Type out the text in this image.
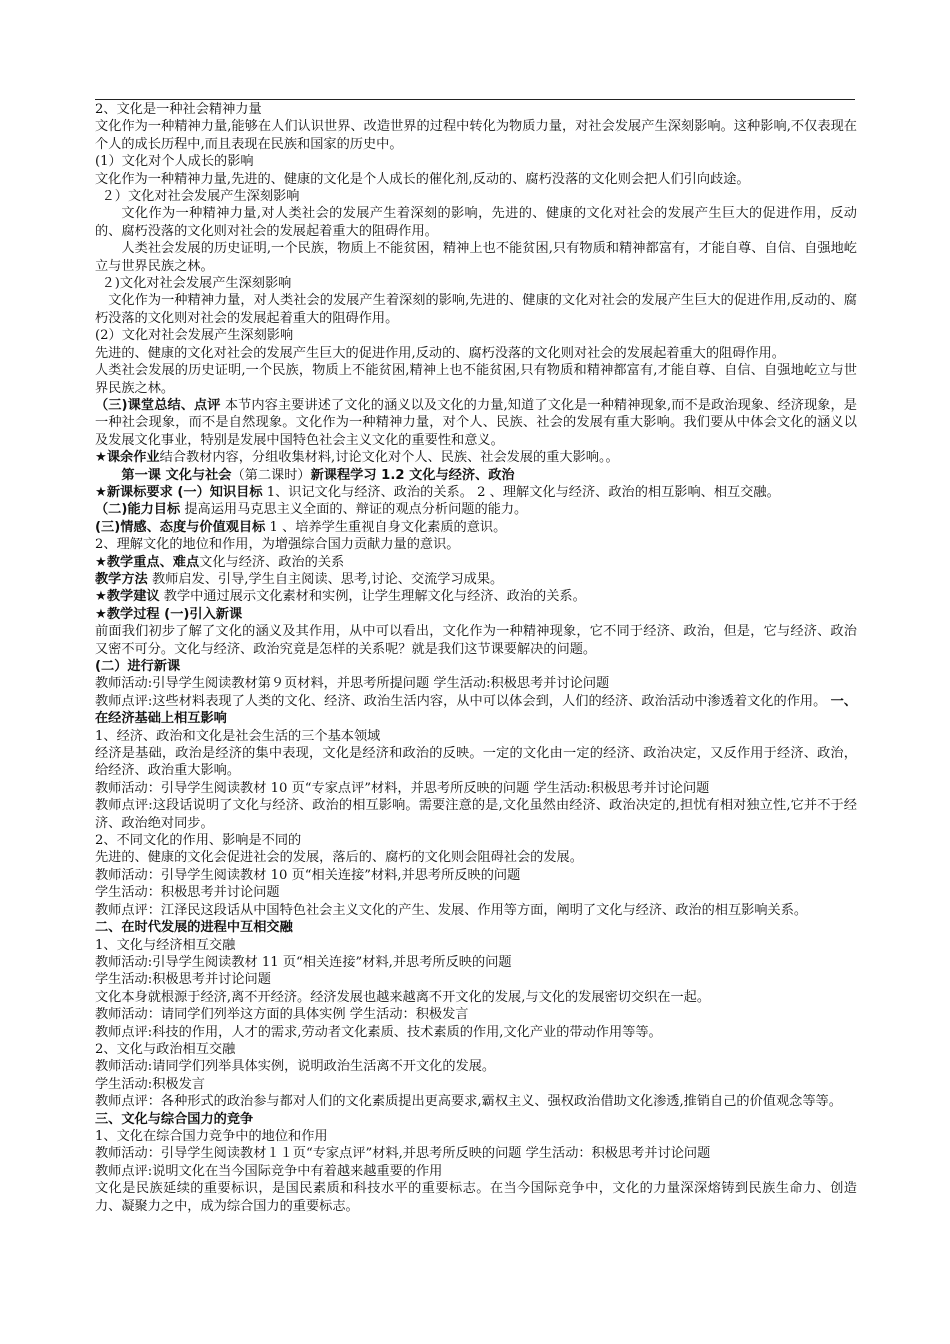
2、文化是一种社会精神力量
文化作为一种精神力量,能够在人们认识世界、改造世界的过程中转化为物质力量，对社会发展产生深刻影响。这种影响,不仅表现在个人的成长历程中,而且表现在民族和国家的历史中。
(1）文化对个人成长的影响
文化作为一种精神力量,先进的、健康的文化是个人成长的催化剂,反动的、腐朽没落的文化则会把人们引向歧途。
２）文化对社会发展产生深刻影响
文化作为一种精神力量,对人类社会的发展产生着深刻的影响，先进的、健康的文化对社会的发展产生巨大的促进作用，反动的、腐朽没落的文化则对社会的发展起着重大的阻碍作用。
人类社会发展的历史证明,一个民族，物质上不能贫困，精神上也不能贫困,只有物质和精神都富有，才能自尊、自信、自强地屹立与世界民族之林。
２)文化对社会发展产生深刻影响
文化作为一种精神力量，对人类社会的发展产生着深刻的影响,先进的、健康的文化对社会的发展产生巨大的促进作用,反动的、腐朽没落的文化则对社会的发展起着重大的阻碍作用。
(2）文化对社会发展产生深刻影响
先进的、健康的文化对社会的发展产生巨大的促进作用,反动的、腐朽没落的文化则对社会的发展起着重大的阻碍作用。
人类社会发展的历史证明,一个民族，物质上不能贫困,精神上也不能贫困,只有物质和精神都富有,才能自尊、自信、自强地屹立与世界民族之林。
（三)课堂总结、点评 本节内容主要讲述了文化的涵义以及文化的力量,知道了文化是一种精神现象,而不是政治现象、经济现象，是一种社会现象，而不是自然现象。文化作为一种精神力量，对个人、民族、社会的发展有重大影响。我们要从中体会文化的涵义以及发展文化事业，特别是发展中国特色社会主义文化的重要性和意义。
★课余作业结合教材内容，分组收集材料,讨论文化对个人、民族、社会发展的重大影响。。
第一课 文化与社会（第二课时）新课程学习 1.2 文化与经济、政治
★新课标要求 (一）知识目标 1、识记文化与经济、政治的关系。 2 、理解文化与经济、政治的相互影响、相互交融。
（二)能力目标 提高运用马克思主义全面的、辩证的观点分析问题的能力。
(三)情感、态度与价值观目标 1 、培养学生重视自身文化素质的意识。
2、理解文化的地位和作用，为增强综合国力贡献力量的意识。
★教学重点、难点文化与经济、政治的关系
教学方法 教师启发、引导,学生自主阅读、思考,讨论、交流学习成果。
★教学建议 教学中通过展示文化素材和实例，让学生理解文化与经济、政治的关系。
★教学过程 (一)引入新课
前面我们初步了解了文化的涵义及其作用，从中可以看出，文化作为一种精神现象，它不同于经济、政治，但是，它与经济、政治又密不可分。文化与经济、政治究竟是怎样的关系呢？就是我们这节课要解决的问题。
(二）进行新课
教师活动:引导学生阅读教材第９页材料，并思考所提问题 学生活动:积极思考并讨论问题
教师点评:这些材料表现了人类的文化、经济、政治生活内容，从中可以体会到，人们的经济、政治活动中渗透着文化的作用。 一、在经济基础上相互影响
1、经济、政治和文化是社会生活的三个基本领域
经济是基础，政治是经济的集中表现，文化是经济和政治的反映。一定的文化由一定的经济、政治决定，又反作用于经济、政治，给经济、政治重大影响。
教师活动：引导学生阅读教材 10 页“专家点评”材料，并思考所反映的问题 学生活动:积极思考并讨论问题
教师点评:这段话说明了文化与经济、政治的相互影响。需要注意的是,文化虽然由经济、政治决定的,担忧有相对独立性,它并不于经济、政治绝对同步。
2、不同文化的作用、影响是不同的
先进的、健康的文化会促进社会的发展，落后的、腐朽的文化则会阻碍社会的发展。
教师活动：引导学生阅读教材 10 页“相关连接”材料,并思考所反映的问题
学生活动：积极思考并讨论问题
教师点评：江泽民这段话从中国特色社会主义文化的产生、发展、作用等方面，阐明了文化与经济、政治的相互影响关系。
二、在时代发展的进程中互相交融
1、文化与经济相互交融
教师活动:引导学生阅读教材 11 页“相关连接”材料,并思考所反映的问题
学生活动:积极思考并讨论问题
文化本身就根源于经济,离不开经济。经济发展也越来越离不开文化的发展,与文化的发展密切交织在一起。
教师活动：请同学们列举这方面的具体实例 学生活动：积极发言
教师点评:科技的作用，人才的需求,劳动者文化素质、技术素质的作用,文化产业的带动作用等等。
2、文化与政治相互交融
教师活动:请同学们列举具体实例，说明政治生活离不开文化的发展。
学生活动:积极发言
教师点评：各种形式的政治参与都对人们的文化素质提出更高要求,霸权主义、强权政治借助文化渗透,推销自己的价值观念等等。
三、文化与综合国力的竞争
1、文化在综合国力竞争中的地位和作用
教师活动：引导学生阅读教材１１页“专家点评”材料,并思考所反映的问题 学生活动：积极思考并讨论问题
教师点评:说明文化在当今国际竞争中有着越来越重要的作用
文化是民族延续的重要标识，是国民素质和科技水平的重要标志。在当今国际竞争中，文化的力量深深熔铸到民族生命力、创造力、凝聚力之中，成为综合国力的重要标志。
